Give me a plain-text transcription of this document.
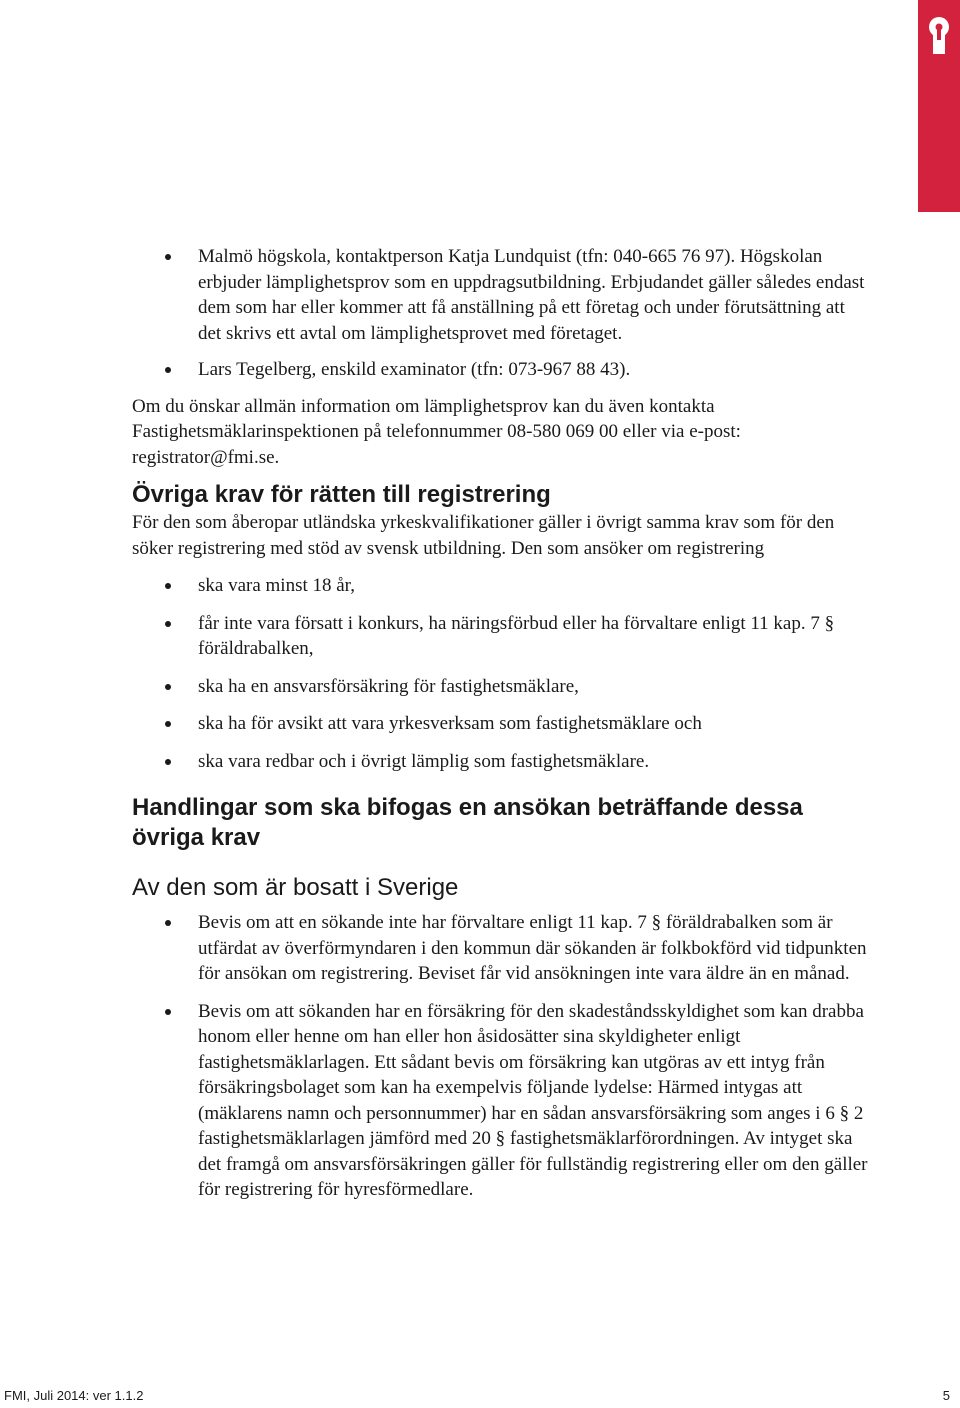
Malmö högskola, kontaktperson Katja Lundquist (tfn: 040-665 76 97). Högskolan erbjuder lämplighetsprov som en uppdragsutbildning. Erbjudandet gäller således endast dem som har eller kommer att få anställning på ett företag och under förutsättning att det skrivs ett avtal om lämplighetsprovet med företaget.
Lars Tegelberg, enskild examinator (tfn: 073-967 88 43).

Om du önskar allmän information om lämplighetsprov kan du även kontakta Fastighetsmäklarinspektionen på telefonnummer 08-580 069 00 eller via e-post: registrator@fmi.se.

Övriga krav för rätten till registrering

För den som åberopar utländska yrkeskvalifikationer gäller i övrigt samma krav som för den söker registrering med stöd av svensk utbildning. Den som ansöker om registrering

ska vara minst 18 år,
får inte vara försatt i konkurs, ha näringsförbud eller ha förvaltare enligt 11 kap. 7 § föräldrabalken,
ska ha en ansvarsförsäkring för fastighetsmäklare,
ska ha för avsikt att vara yrkesverksam som fastighetsmäklare och
ska vara redbar och i övrigt lämplig som fastighetsmäklare.
Handlingar som ska bifogas en ansökan beträffande dessa övriga krav
Av den som är bosatt i Sverige
Bevis om att en sökande inte har förvaltare enligt 11 kap. 7 § föräldrabalken som är utfärdat av överförmyndaren i den kommun där sökanden är folkbokförd vid tidpunkten för ansökan om registrering. Beviset får vid ansökningen inte vara äldre än en månad.
Bevis om att sökanden har en försäkring för den skadeståndsskyldighet som kan drabba honom eller henne om han eller hon åsidosätter sina skyldigheter enligt fastighetsmäklarlagen. Ett sådant bevis om försäkring kan utgöras av ett intyg från försäkringsbolaget som kan ha exempelvis följande lydelse: Härmed intygas att (mäklarens namn och personnummer) har en sådan ansvarsförsäkring som anges i 6 § 2 fastighetsmäklarlagen jämförd med 20 § fastighetsmäklarförordningen. Av intyget ska det framgå om ansvarsförsäkringen gäller för fullständig registrering eller om den gäller för registrering för hyresförmedlare.
FMI, Juli 2014: ver 1.1.2	5
